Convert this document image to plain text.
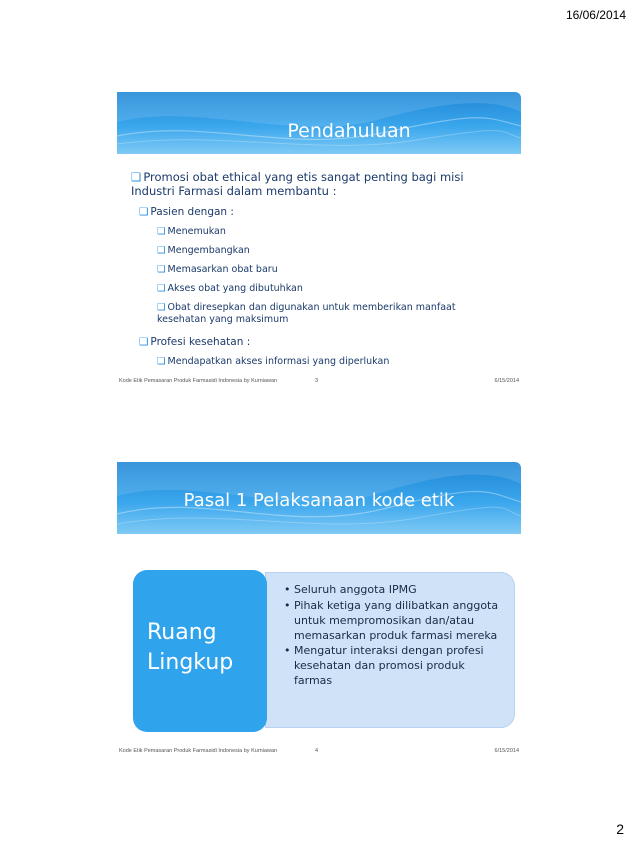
16/06/2014
Pendahuluan
❑ Promosi obat ethical yang etis sangat penting bagi misi Industri Farmasi dalam membantu :
❑ Pasien dengan :
❑ Menemukan
❑ Mengembangkan
❑ Memasarkan obat baru
❑ Akses obat yang dibutuhkan
❑ Obat diresepkan dan digunakan untuk memberikan manfaat kesehatan yang maksimum
❑ Profesi kesehatan :
❑ Mendapatkan akses informasi yang diperlukan
Kode Etik Pemasaran Produk Farmasidi Indonesia by Kurniawan	3	6/15/2014
Pasal 1 Pelaksanaan kode etik
• Seluruh anggota IPMG
• Pihak ketiga yang dilibatkan anggota untuk mempromosikan dan/atau memasarkan produk farmasi mereka
• Mengatur interaksi dengan profesi kesehatan dan promosi produk farmas
Ruang
Lingkup
Kode Etik Pemasaran Produk Farmasidi Indonesia by Kurniawan	4	6/15/2014
2
